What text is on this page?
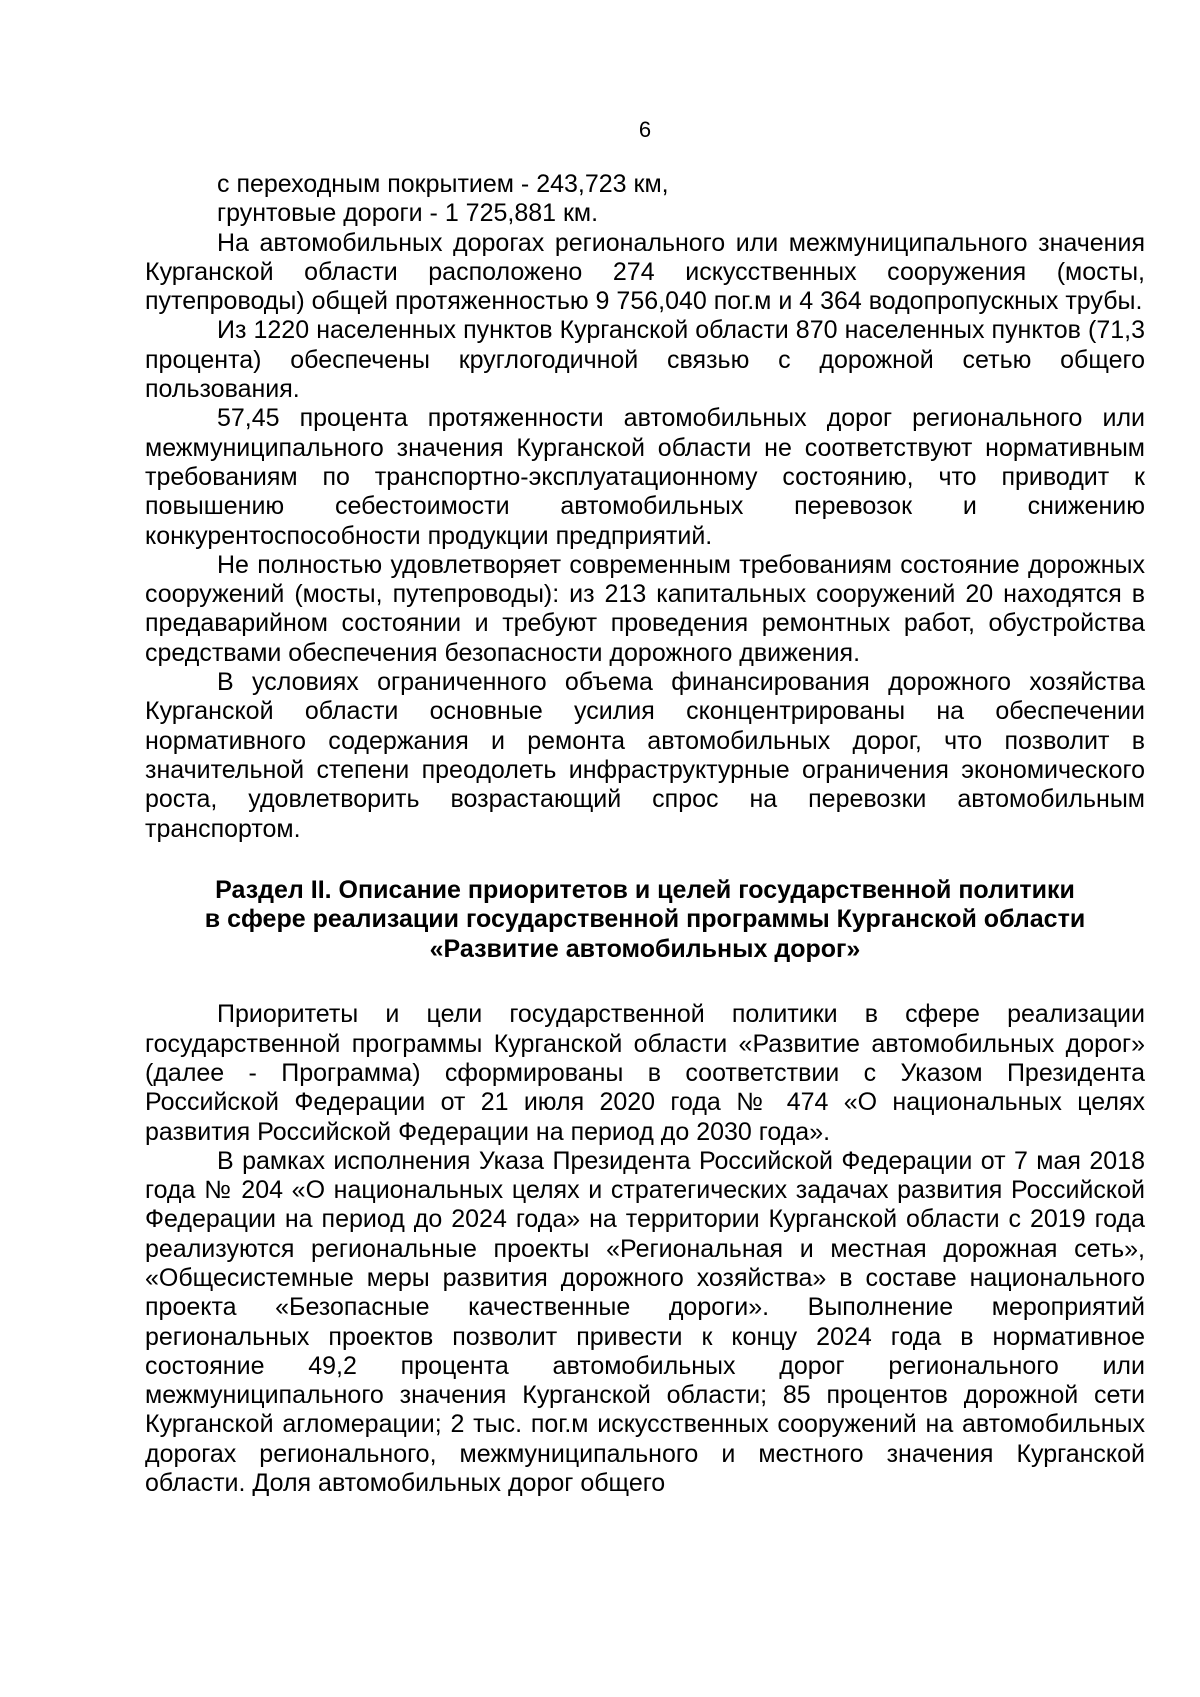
6

с переходным покрытием - 243,723 км,

грунтовые дороги - 1 725,881 км.

На автомобильных дорогах регионального или межмуниципального значения Курганской области расположено 274 искусственных сооружения (мосты, путепроводы) общей протяженностью 9 756,040 пог.м и 4 364 водопропускных трубы.

Из 1220 населенных пунктов Курганской области 870 населенных пунктов (71,3 процента) обеспечены круглогодичной связью с дорожной сетью общего пользования.

57,45 процента протяженности автомобильных дорог регионального или межмуниципального значения Курганской области не соответствуют нормативным требованиям по транспортно-эксплуатационному состоянию, что приводит к повышению себестоимости автомобильных перевозок и снижению конкурентоспособности продукции предприятий.

Не полностью удовлетворяет современным требованиям состояние дорожных сооружений (мосты, путепроводы): из 213 капитальных сооружений 20 находятся в предаварийном состоянии и требуют проведения ремонтных работ, обустройства средствами обеспечения безопасности дорожного движения.

В условиях ограниченного объема финансирования дорожного хозяйства Курганской области основные усилия сконцентрированы на обеспечении нормативного содержания и ремонта автомобильных дорог, что позволит в значительной степени преодолеть инфраструктурные ограничения экономического роста, удовлетворить возрастающий спрос на перевозки автомобильным транспортом.

Раздел II. Описание приоритетов и целей государственной политики
в сфере реализации государственной программы Курганской области
«Развитие автомобильных дорог»

Приоритеты и цели государственной политики в сфере реализации государственной программы Курганской области «Развитие автомобильных дорог» (далее - Программа) сформированы в соответствии с Указом Президента Российской Федерации от 21 июля 2020 года № 474 «О национальных целях развития Российской Федерации на период до 2030 года».

В рамках исполнения Указа Президента Российской Федерации от 7 мая 2018 года № 204 «О национальных целях и стратегических задачах развития Российской Федерации на период до 2024 года» на территории Курганской области с 2019 года реализуются региональные проекты «Региональная и местная дорожная сеть», «Общесистемные меры развития дорожного хозяйства» в составе национального проекта «Безопасные качественные дороги». Выполнение мероприятий региональных проектов позволит привести к концу 2024 года в нормативное состояние 49,2 процента автомобильных дорог регионального или межмуниципального значения Курганской области; 85 процентов дорожной сети Курганской агломерации; 2 тыс. пог.м искусственных сооружений на автомобильных дорогах регионального, межмуниципального и местного значения Курганской области. Доля автомобильных дорог общего
